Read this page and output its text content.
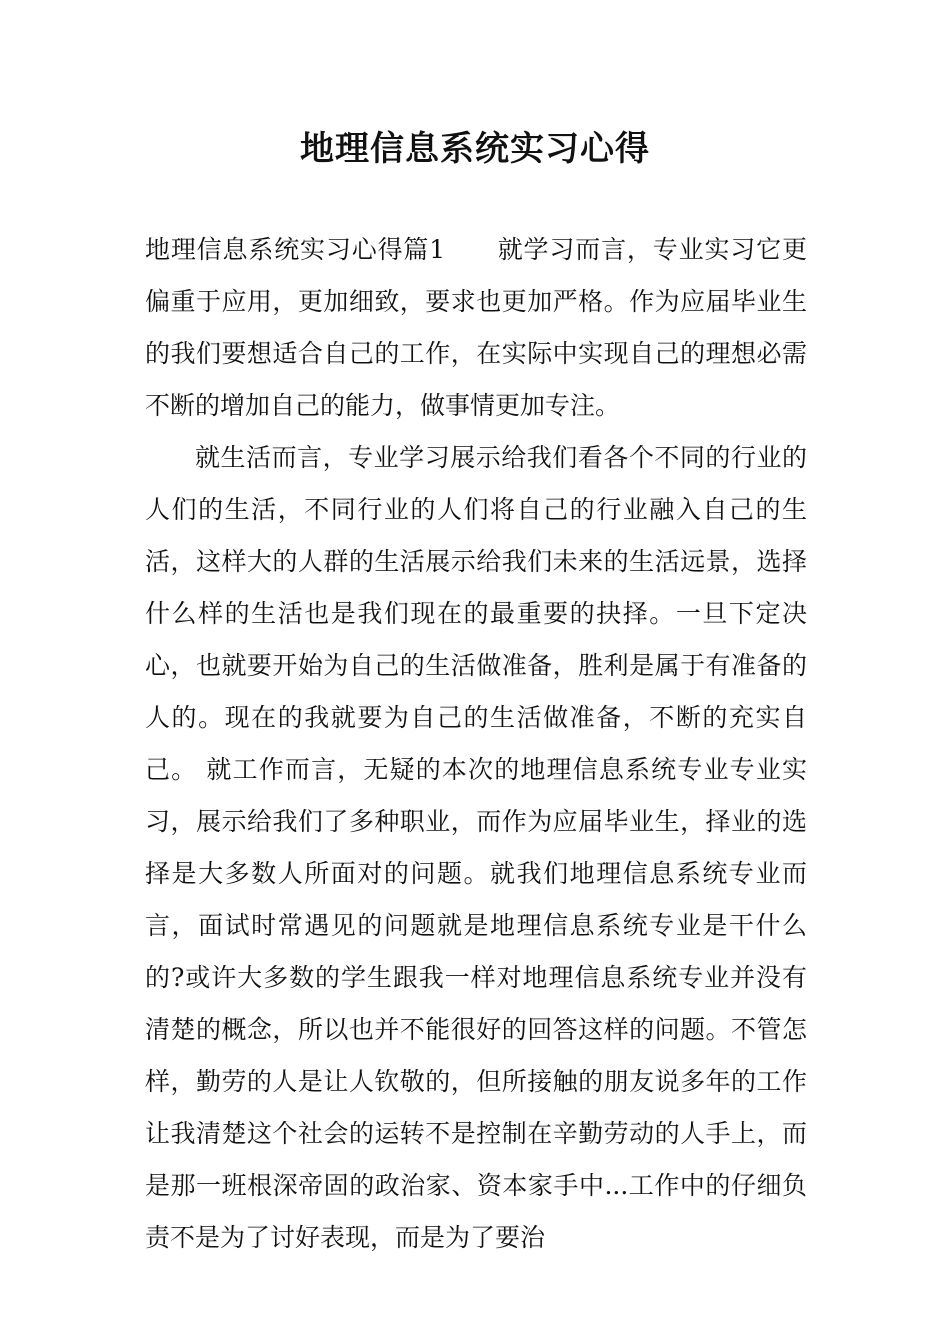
地理信息系统实习心得

地理信息系统实习心得篇1　　就学习而言，专业实习它更偏重于应用，更加细致，要求也更加严格。作为应届毕业生的我们要想适合自己的工作，在实际中实现自己的理想必需不断的增加自己的能力，做事情更加专注。

就生活而言，专业学习展示给我们看各个不同的行业的人们的生活，不同行业的人们将自己的行业融入自己的生活，这样大的人群的生活展示给我们未来的生活远景，选择什么样的生活也是我们现在的最重要的抉择。一旦下定决心，也就要开始为自己的生活做准备，胜利是属于有准备的人的。现在的我就要为自己的生活做准备，不断的充实自己。 就工作而言，无疑的本次的地理信息系统专业专业实习，展示给我们了多种职业，而作为应届毕业生，择业的选择是大多数人所面对的问题。就我们地理信息系统专业而言，面试时常遇见的问题就是地理信息系统专业是干什么的?或许大多数的学生跟我一样对地理信息系统专业并没有清楚的概念，所以也并不能很好的回答这样的问题。不管怎样，勤劳的人是让人钦敬的，但所接触的朋友说多年的工作让我清楚这个社会的运转不是控制在辛勤劳动的人手上，而是那一班根深帝固的政治家、资本家手中...工作中的仔细负责不是为了讨好表现，而是为了要治
